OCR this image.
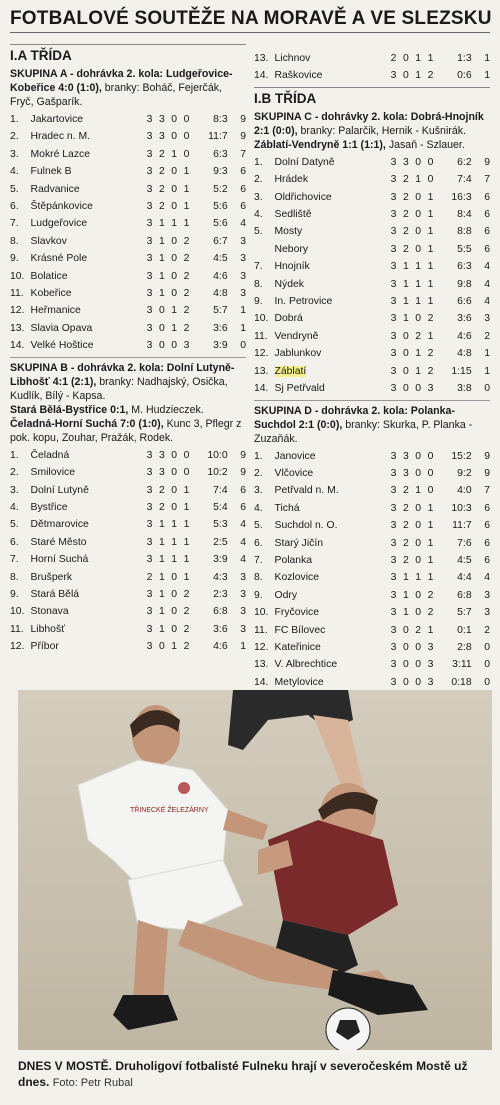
FOTBALOVÉ SOUTĚŽE NA MORAVĚ A VE SLEZSKU
I.A TŘÍDA
SKUPINA A - dohrávka 2. kola: Ludgeřovice-Kobeřice 4:0 (1:0), branky: Boháč, Fejerčák, Fryč, Gašparík.
1.	Jakartovice	3	3	0	0	8:3	9
2.	Hradec n. M.	3	3	0	0	11:7	9
3.	Mokré Lazce	3	2	1	0	6:3	7
4.	Fulnek B	3	2	0	1	9:3	6
5.	Radvanice	3	2	0	1	5:2	6
6.	Štěpánkovice	3	2	0	1	5:6	6
7.	Ludgeřovice	3	1	1	1	5:6	4
8.	Slavkov	3	1	0	2	6:7	3
9.	Krásné Pole	3	1	0	2	4:5	3
10.	Bolatice	3	1	0	2	4:6	3
11.	Kobeřice	3	1	0	2	4:8	3
12.	Heřmanice	3	0	1	2	5:7	1
13.	Slavia Opava	3	0	1	2	3:6	1
14.	Velké Hoštice	3	0	0	3	3:9	0
SKUPINA B - dohrávka 2. kola: Dolní Lutyně-Libhošť 4:1 (2:1), branky: Nadhajský, Osička, Kudlík, Bílý - Kapsa.
Stará Bělá-Bystřice 0:1, M. Hudzieczek.
Čeladná-Horní Suchá 7:0 (1:0), Kunc 3, Pflegr z pok. kopu, Zouhar, Pražák, Rodek.
1.	Čeladná	3	3	0	0	10:0	9
2.	Smilovice	3	3	0	0	10:2	9
3.	Dolní Lutyně	3	2	0	1	7:4	6
4.	Bystřice	3	2	0	1	5:4	6
5.	Dětmarovice	3	1	1	1	5:3	4
6.	Staré Město	3	1	1	1	2:5	4
7.	Horní Suchá	3	1	1	1	3:9	4
8.	Brušperk	2	1	0	1	4:3	3
9.	Stará Bělá	3	1	0	2	2:3	3
10.	Stonava	3	1	0	2	6:8	3
11.	Libhošť	3	1	0	2	3:6	3
12.	Příbor	3	0	1	2	4:6	1
13.	Lichnov	2	0	1	1	1:3	1
14.	Raškovice	3	0	1	2	0:6	1
I.B TŘÍDA
SKUPINA C - dohrávky 2. kola: Dobrá-Hnojník 2:1 (0:0), branky: Palarčik, Hernik - Kušnirák.
Záblatí-Vendryně 1:1 (1:1), Jasaň - Szlauer.
1.	Dolní Datyně	3	3	0	0	6:2	9
2.	Hrádek	3	2	1	0	7:4	7
3.	Oldřichovice	3	2	0	1	16:3	6
4.	Sedliště	3	2	0	1	8:4	6
5.	Mosty	3	2	0	1	8:8	6
	Nebory	3	2	0	1	5:5	6
7.	Hnojník	3	1	1	1	6:3	4
8.	Nýdek	3	1	1	1	9:8	4
9.	In. Petrovice	3	1	1	1	6:6	4
10.	Dobrá	3	1	0	2	3:6	3
11.	Vendryně	3	0	2	1	4:6	2
12.	Jablunkov	3	0	1	2	4:8	1
13.	Záblatí	3	0	1	2	1:15	1
14.	Sj Petřvald	3	0	0	3	3:8	0
SKUPINA D - dohrávka 2. kola: Polanka-Suchdol 2:1 (0:0), branky: Skurka, P. Planka - Zuzaňák.
1.	Janovice	3	3	0	0	15:2	9
2.	Vlčovice	3	3	0	0	9:2	9
3.	Petřvald n. M.	3	2	1	0	4:0	7
4.	Tichá	3	2	0	1	10:3	6
5.	Suchdol n. O.	3	2	0	1	11:7	6
6.	Starý Jičín	3	2	0	1	7:6	6
7.	Polanka	3	2	0	1	4:5	6
8.	Kozlovice	3	1	1	1	4:4	4
9.	Odry	3	1	0	2	6:8	3
10.	Fryčovice	3	1	0	2	5:7	3
11.	FC Bílovec	3	0	2	1	0:1	2
12.	Kateřinice	3	0	0	3	2:8	0
13.	V. Albrechtice	3	0	0	3	3:11	0
14.	Metylovice	3	0	0	3	0:18	0
TŘINECKÉ ŽELEZÁRNY
DNES V MOSTĚ. Druholigoví fotbalisté Fulneku hrají v severočeském Mostě už dnes. Foto: Petr Rubal
